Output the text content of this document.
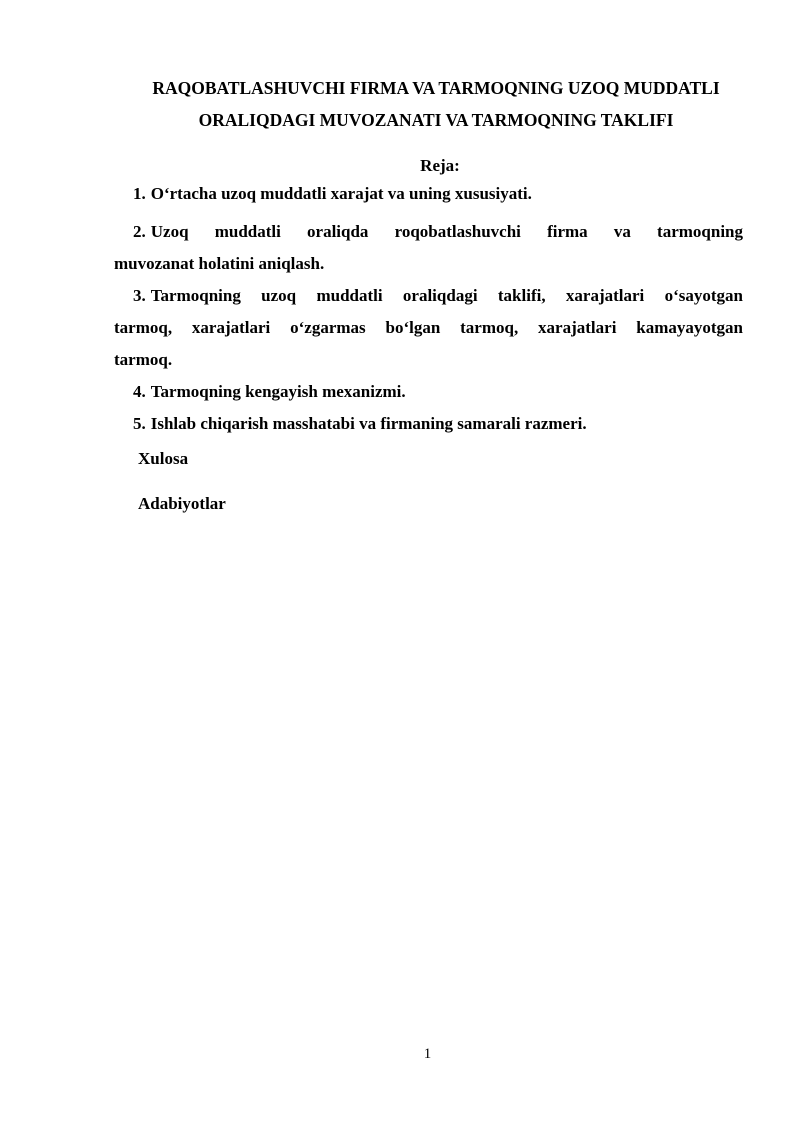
RAQOBATLASHUVCHI FIRMA VA TARMOQNING UZOQ MUDDATLI
ORALIQDAGI MUVOZANATI VA TARMOQNING TAKLIFI
Reja:
1. O‘rtacha uzoq muddatli xarajat va uning xususiyati.
2. Uzoq muddatli oraliqda roqobatlashuvchi firma va tarmoqning
muvozanat holatini aniqlash.
3. Tarmoqning uzoq muddatli oraliqdagi taklifi, xarajatlari o‘sayotgan
tarmoq, xarajatlari o‘zgarmas bo‘lgan tarmoq, xarajatlari kamayayotgan
tarmoq.
4. Tarmoqning kengayish mexanizmi.
5. Ishlab chiqarish masshatabi va firmaning samarali razmeri.
Xulosa
Adabiyotlar
1
